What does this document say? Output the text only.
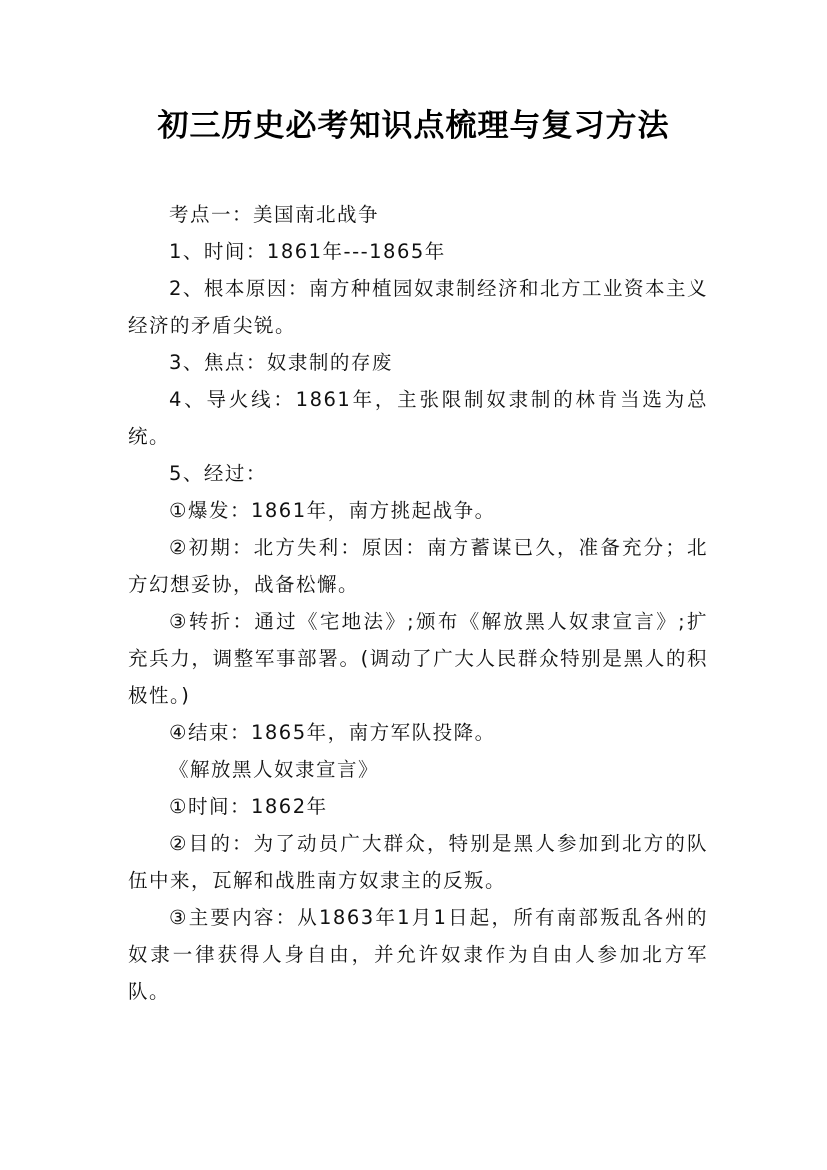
初三历史必考知识点梳理与复习方法

考点一：美国南北战争

1、时间：1861年---1865年

2、根本原因：南方种植园奴隶制经济和北方工业资本主义经济的矛盾尖锐。

3、焦点：奴隶制的存废

4、导火线：1861年，主张限制奴隶制的林肯当选为总统。

5、经过：

①爆发：1861年，南方挑起战争。

②初期：北方失利：原因：南方蓄谋已久，准备充分；北方幻想妥协，战备松懈。

③转折：通过《宅地法》;颁布《解放黑人奴隶宣言》;扩充兵力，调整军事部署。(调动了广大人民群众特别是黑人的积极性。)

④结束：1865年，南方军队投降。

《解放黑人奴隶宣言》

①时间：1862年

②目的：为了动员广大群众，特别是黑人参加到北方的队伍中来，瓦解和战胜南方奴隶主的反叛。

③主要内容：从1863年1月1日起，所有南部叛乱各州的奴隶一律获得人身自由，并允许奴隶作为自由人参加北方军队。
